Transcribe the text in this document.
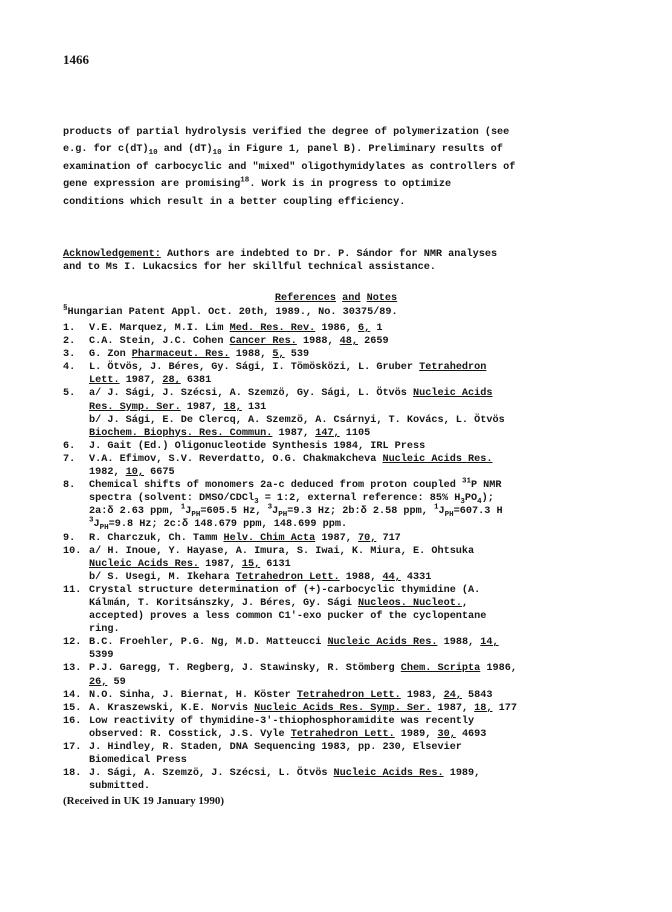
1466

products of partial hydrolysis verified the degree of polymerization (see

e.g. for $c(dT)_{10}$ and $(dT)_{10}$ in Figure 1, panel B). Preliminary results of

examination of carbocyclic and "mixed" oligothymidylates as controllers of

gene expression are promising$^{18}$. Work is in progress to optimize

conditions which result in a better coupling efficiency.

Acknowledgement: Authors are indebted to Dr. P. Sándor for NMR analyses

and to Ms I. Lukacsics for her skillful technical assistance.

References and Notes
§Hungarian Patent Appl. Oct. 20th, 1989., No. 30375/89.
1.	V.E. Marquez, M.I. Lim Med. Res. Rev. 1986, 6, 1
2.	C.A. Stein, J.C. Cohen Cancer Res. 1988, 48, 2659
3.	G. Zon Pharmaceut. Res. 1988, 5, 539
4.	L. Ötvös, J. Béres, Gy. Sági, I. Tömösközi, L. Gruber Tetrahedron
Lett. 1987, 28, 6381
5.	a/ J. Sági, J. Szécsi, A. Szemzö, Gy. Sági, L. Ötvös Nucleic Acids
Res. Symp. Ser. 1987, 18, 131
b/ J. Sági, E. De Clercq, A. Szemzö, A. Csárnyi, T. Kovács, L. Ötvös
Biochem. Biophys. Res. Commun. 1987, 147, 1105
6.	J. Gait (Ed.) Oligonucleotide Synthesis 1984, IRL Press
7.	V.A. Efimov, S.V. Reverdatto, O.G. Chakmakcheva Nucleic Acids Res.
1982, 10, 6675
8.	Chemical shifts of monomers 2a-c deduced from proton coupled $^{31}$P NMR
spectra (solvent: DMSO/CDCl$_3$ = 1:2, external reference: 85% $H_3PO_4$);
2a:δ 2.63 ppm, $^1J_{PH}=605.5$ Hz, $^3J_{PH}=9.3$ Hz; 2b:δ 2.58 ppm, $^1J_{PH}=607.3$ H
$^3J_{PH}=9.8$ Hz; 2c:δ 148.679 ppm, 148.699 ppm.
9.	R. Charczuk, Ch. Tamm Helv. Chim Acta 1987, 70, 717
10. a/ H. Inoue, Y. Hayase, A. Imura, S. Iwai, K. Miura, E. Ohtsuka
Nucleic Acids Res. 1987, 15, 6131
b/ S. Usegi, M. Ikehara Tetrahedron Lett. 1988, 44, 4331
11. Crystal structure determination of (+)-carbocyclic thymidine (A.
Kálmán, T. Koritsánszky, J. Béres, Gy. Sági Nucleos. Nucleot.,
accepted) proves a less common C1'-exo pucker of the cyclopentane
ring.
12. B.C. Froehler, P.G. Ng, M.D. Matteucci Nucleic Acids Res. 1988, 14,
5399
13. P.J. Garegg, T. Regberg, J. Stawinsky, R. Stömberg Chem. Scripta 1986,
26, 59
14. N.O. Sinha, J. Biernat, H. Köster Tetrahedron Lett. 1983, 24, 5843
15. A. Kraszewski, K.E. Norvis Nucleic Acids Res. Symp. Ser. 1987, 18, 177
16. Low reactivity of thymidine-3'-thiophosphoramidite was recently
observed: R. Cosstick, J.S. Vyle Tetrahedron Lett. 1989, 30, 4693
17. J. Hindley, R. Staden, DNA Sequencing 1983, pp. 230, Elsevier
Biomedical Press
18. J. Sági, A. Szemzö, J. Szécsi, L. Ötvös Nucleic Acids Res. 1989,
submitted.
(Received in UK 19 January 1990)
